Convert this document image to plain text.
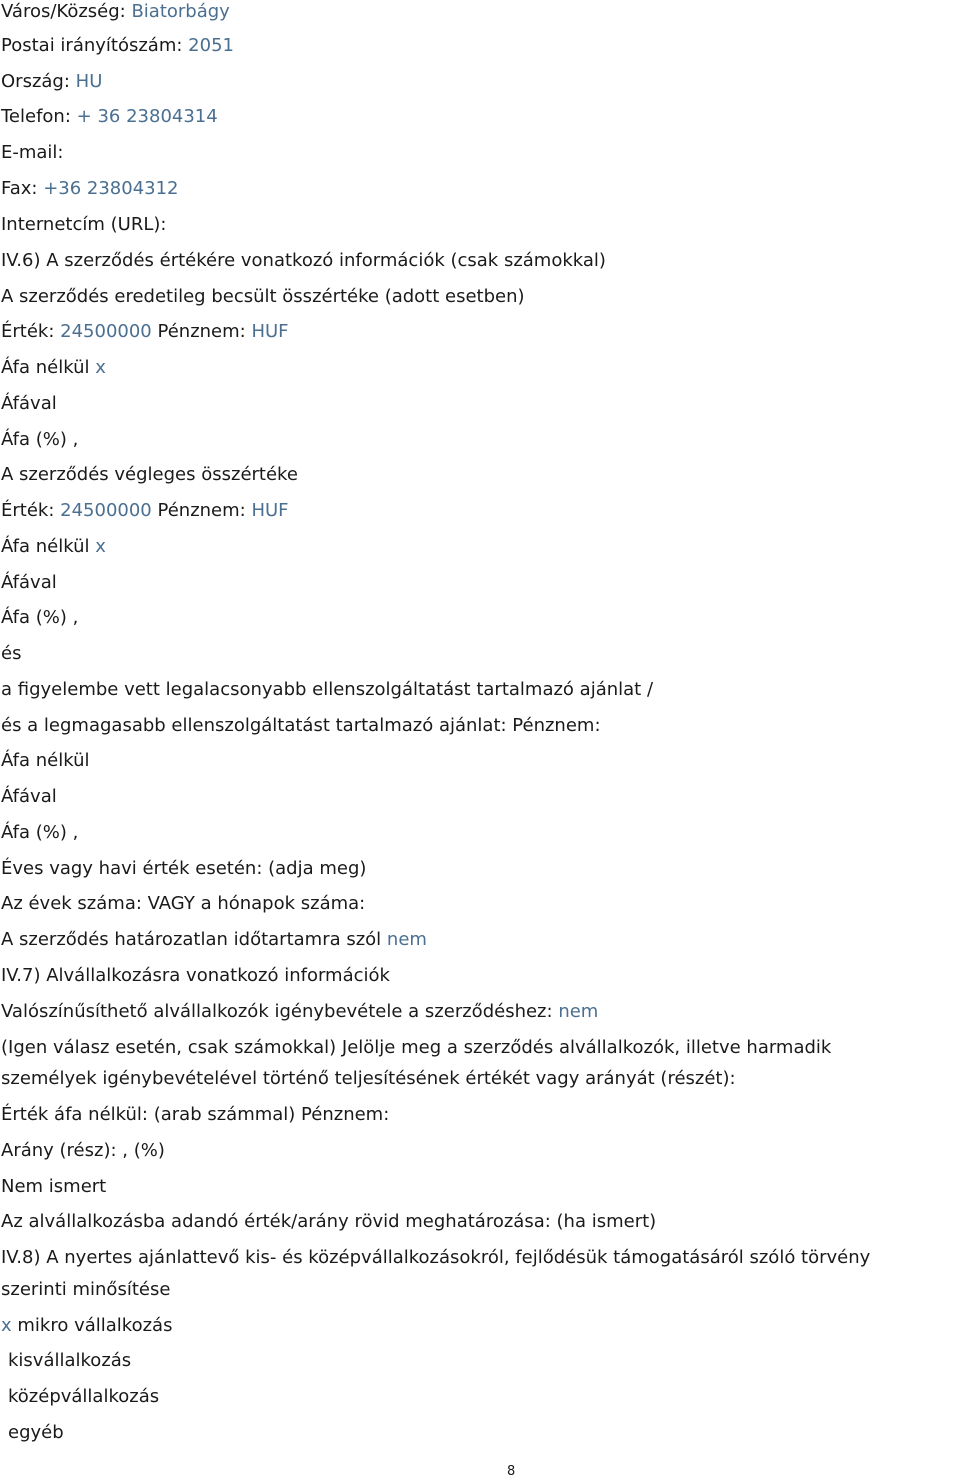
Város/Község: Biatorbágy
Postai irányítószám: 2051
Ország: HU
Telefon: + 36 23804314
E-mail:
Fax: +36 23804312
Internetcím (URL):
IV.6) A szerződés értékére vonatkozó információk (csak számokkal)
A szerződés eredetileg becsült összértéke (adott esetben)
Érték: 24500000 Pénznem: HUF
Áfa nélkül x
Áfával
Áfa (%) ,
A szerződés végleges összértéke
Érték: 24500000 Pénznem: HUF
Áfa nélkül x
Áfával
Áfa (%) ,
és
a figyelembe vett legalacsonyabb ellenszolgáltatást tartalmazó ajánlat /
és a legmagasabb ellenszolgáltatást tartalmazó ajánlat: Pénznem:
Áfa nélkül
Áfával
Áfa (%) ,
Éves vagy havi érték esetén: (adja meg)
Az évek száma: VAGY a hónapok száma:
A szerződés határozatlan időtartamra szól nem
IV.7) Alvállalkozásra vonatkozó információk
Valószínűsíthető alvállalkozók igénybevétele a szerződéshez: nem
(Igen válasz esetén, csak számokkal) Jelölje meg a szerződés alvállalkozók, illetve harmadik
személyek igénybevételével történő teljesítésének értékét vagy arányát (részét):
Érték áfa nélkül: (arab számmal) Pénznem:
Arány (rész): , (%)
Nem ismert
Az alvállalkozásba adandó érték/arány rövid meghatározása: (ha ismert)
IV.8) A nyertes ajánlattevő kis- és középvállalkozásokról, fejlődésük támogatásáról szóló törvény
szerinti minősítése
x mikro vállalkozás
kisvállalkozás
középvállalkozás
egyéb
8
